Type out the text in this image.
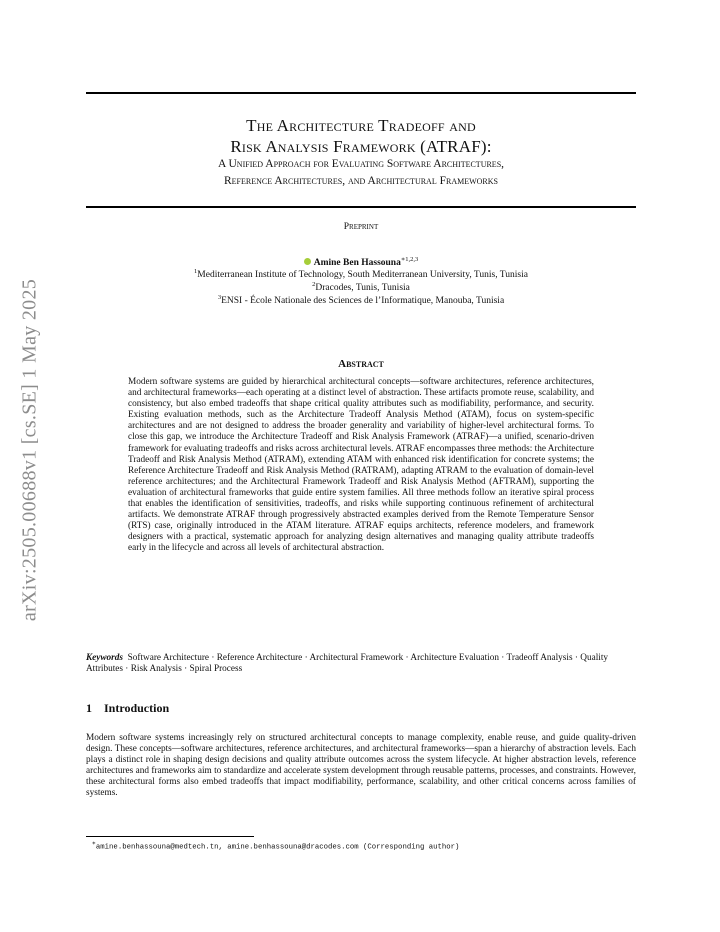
arXiv:2505.00688v1 [cs.SE] 1 May 2025
The Architecture Tradeoff and
Risk Analysis Framework (ATRAF):
A Unified Approach for Evaluating Software Architectures,
Reference Architectures, and Architectural Frameworks
Preprint
Amine Ben Hassouna$^{∗1,2,3}$
$^1$Mediterranean Institute of Technology, South Mediterranean University, Tunis, Tunisia
$^2$Dracodes, Tunis, Tunisia
$^3$ENSI - École Nationale des Sciences de l’Informatique, Manouba, Tunisia
Abstract
Modern software systems are guided by hierarchical architectural concepts—software architectures, reference architectures, and architectural frameworks—each operating at a distinct level of abstraction. These artifacts promote reuse, scalability, and consistency, but also embed tradeoffs that shape critical quality attributes such as modifiability, performance, and security. Existing evaluation methods, such as the Architecture Tradeoff Analysis Method (ATAM), focus on system-specific architectures and are not designed to address the broader generality and variability of higher-level architectural forms. To close this gap, we introduce the Architecture Tradeoff and Risk Analysis Framework (ATRAF)—a unified, scenario-driven framework for evaluating tradeoffs and risks across architectural levels. ATRAF encompasses three methods: the Architecture Tradeoff and Risk Analysis Method (ATRAM), extending ATAM with enhanced risk identification for concrete systems; the Reference Architecture Tradeoff and Risk Analysis Method (RATRAM), adapting ATRAM to the evaluation of domain-level reference architectures; and the Architectural Framework Tradeoff and Risk Analysis Method (AFTRAM), supporting the evaluation of architectural frameworks that guide entire system families. All three methods follow an iterative spiral process that enables the identification of sensitivities, tradeoffs, and risks while supporting continuous refinement of architectural artifacts. We demonstrate ATRAF through progressively abstracted examples derived from the Remote Temperature Sensor (RTS) case, originally introduced in the ATAM literature. ATRAF equips architects, reference modelers, and framework designers with a practical, systematic approach for analyzing design alternatives and managing quality attribute tradeoffs early in the lifecycle and across all levels of architectural abstraction.
Keywords Software Architecture · Reference Architecture · Architectural Framework · Architecture Evaluation · Tradeoff Analysis · Quality Attributes · Risk Analysis · Spiral Process
1 Introduction
Modern software systems increasingly rely on structured architectural concepts to manage complexity, enable reuse, and guide quality-driven design. These concepts—software architectures, reference architectures, and architectural frameworks—span a hierarchy of abstraction levels. Each plays a distinct role in shaping design decisions and quality attribute outcomes across the system lifecycle. At higher abstraction levels, reference architectures and frameworks aim to standardize and accelerate system development through reusable patterns, processes, and constraints. However, these architectural forms also embed tradeoffs that impact modifiability, performance, scalability, and other critical concerns across families of systems.
∗amine.benhassouna@medtech.tn, amine.benhassouna@dracodes.com (Corresponding author)
